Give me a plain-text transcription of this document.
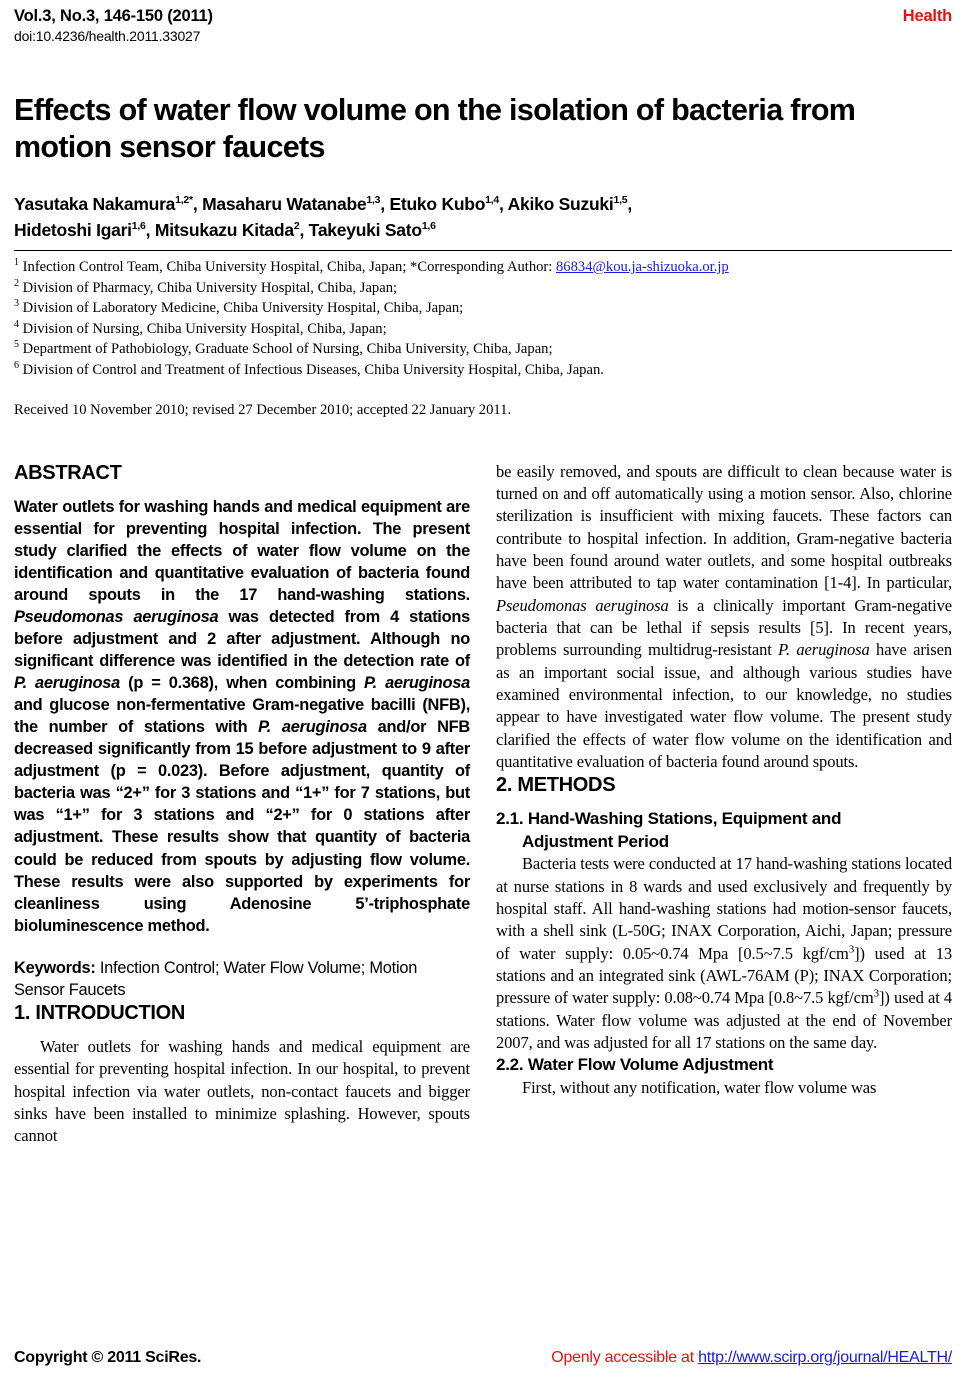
Vol.3, No.3, 146-150 (2011)
doi:10.4236/health.2011.33027
Health
Effects of water flow volume on the isolation of bacteria from motion sensor faucets
Yasutaka Nakamura$^{1,2*}$, Masaharu Watanabe$^{1,3}$, Etuko Kubo$^{1,4}$, Akiko Suzuki$^{1,5}$,
Hidetoshi Igari$^{1,6}$, Mitsukazu Kitada$^2$, Takeyuki Sato$^{1,6}$
$^1$ Infection Control Team, Chiba University Hospital, Chiba, Japan; *Corresponding Author: 86834@kou.ja-shizuoka.or.jp
$^2$ Division of Pharmacy, Chiba University Hospital, Chiba, Japan;
$^3$ Division of Laboratory Medicine, Chiba University Hospital, Chiba, Japan;
$^4$ Division of Nursing, Chiba University Hospital, Chiba, Japan;
$^5$ Department of Pathobiology, Graduate School of Nursing, Chiba University, Chiba, Japan;
$^6$ Division of Control and Treatment of Infectious Diseases, Chiba University Hospital, Chiba, Japan.
Received 10 November 2010; revised 27 December 2010; accepted 22 January 2011.
ABSTRACT

Water outlets for washing hands and medical equipment are essential for preventing hospital infection. The present study clarified the effects of water flow volume on the identification and quantitative evaluation of bacteria found around spouts in the 17 hand-washing stations. Pseudomonas aeruginosa was detected from 4 stations before adjustment and 2 after adjustment. Although no significant difference was identified in the detection rate of P. aeruginosa (p = 0.368), when combining P. aeruginosa and glucose non-fermentative Gram-negative bacilli (NFB), the number of stations with P. aeruginosa and/or NFB decreased significantly from 15 before adjustment to 9 after adjustment (p = 0.023). Before adjustment, quantity of bacteria was “2+” for 3 stations and “1+” for 7 stations, but was “1+” for 3 stations and “2+” for 0 stations after adjustment. These results show that quantity of bacteria could be reduced from spouts by adjusting flow volume. These results were also supported by experiments for cleanliness using Adenosine 5’-triphosphate bioluminescence method.

Keywords: Infection Control; Water Flow Volume; Motion Sensor Faucets

1. INTRODUCTION

Water outlets for washing hands and medical equipment are essential for preventing hospital infection. In our hospital, to prevent hospital infection via water outlets, non-contact faucets and bigger sinks have been installed to minimize splashing. However, spouts cannot

be easily removed, and spouts are difficult to clean because water is turned on and off automatically using a motion sensor. Also, chlorine sterilization is insufficient with mixing faucets. These factors can contribute to hospital infection. In addition, Gram-negative bacteria have been found around water outlets, and some hospital outbreaks have been attributed to tap water contamination [1-4]. In particular, Pseudomonas aeruginosa is a clinically important Gram-negative bacteria that can be lethal if sepsis results [5]. In recent years, problems surrounding multidrug-resistant P. aeruginosa have arisen as an important social issue, and although various studies have examined environmental infection, to our knowledge, no studies appear to have investigated water flow volume. The present study clarified the effects of water flow volume on the identification and quantitative evaluation of bacteria found around spouts.

2. METHODS
2.1. Hand-Washing Stations, Equipment and
Adjustment Period

Bacteria tests were conducted at 17 hand-washing stations located at nurse stations in 8 wards and used exclusively and frequently by hospital staff. All hand-washing stations had motion-sensor faucets, with a shell sink (L-50G; INAX Corporation, Aichi, Japan; pressure of water supply: 0.05~0.74 Mpa [0.5~7.5 kgf/$cm^3$]) used at 13 stations and an integrated sink (AWL-76AM (P); INAX Corporation; pressure of water supply: 0.08~0.74 Mpa [0.8~7.5 kgf/$cm^3$]) used at 4 stations. Water flow volume was adjusted at the end of November 2007, and was adjusted for all 17 stations on the same day.

2.2. Water Flow Volume Adjustment

First, without any notification, water flow volume was

Copyright © 2011 SciRes.	Openly accessible at http://www.scirp.org/journal/HEALTH/
